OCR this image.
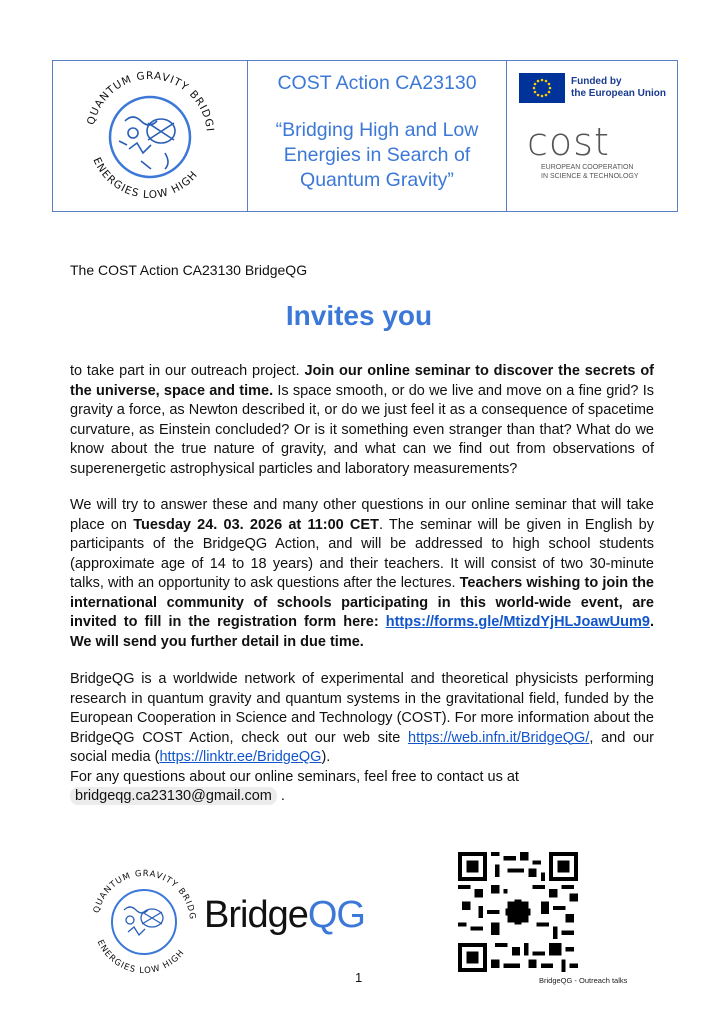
QUANTUM GRAVITY BRIDGI
ENERGIES LOW HIGH
COST Action CA23130
“Bridging High and Low
Energies in Search of
Quantum Gravity”
Funded by
the European Union
cost
EUROPEAN COOPERATION
IN SCIENCE & TECHNOLOGY
The COST Action CA23130 BridgeQG
Invites you
to take part in our outreach project. Join our online seminar to discover the secrets of the universe, space and time. Is space smooth, or do we live and move on a fine grid? Is gravity a force, as Newton described it, or do we just feel it as a consequence of spacetime curvature, as Einstein concluded? Or is it something even stranger than that? What do we know about the true nature of gravity, and what can we find out from observations of superenergetic astrophysical particles and laboratory measurements?
We will try to answer these and many other questions in our online seminar that will take place on Tuesday 24. 03. 2026 at 11:00 CET. The seminar will be given in English by participants of the BridgeQG Action, and will be addressed to high school students (approximate age of 14 to 18 years) and their teachers. It will consist of two 30-minute talks, with an opportunity to ask questions after the lectures. Teachers wishing to join the international community of schools participating in this world-wide event, are invited to fill in the registration form here: https://forms.gle/MtizdYjHLJoawUum9. We will send you further detail in due time.
BridgeQG is a worldwide network of experimental and theoretical physicists performing research in quantum gravity and quantum systems in the gravitational field, funded by the European Cooperation in Science and Technology (COST). For more information about the BridgeQG COST Action, check out our web site https://web.infn.it/BridgeQG/, and our social media (https://linktr.ee/BridgeQG).
For any questions about our online seminars, feel free to contact us at
bridgeqg.ca23130@gmail.com .
QUANTUM GRAVITY BRIDG
ENERGIES LOW HIGH
BridgeQG
1	BridgeQG - Outreach talks
